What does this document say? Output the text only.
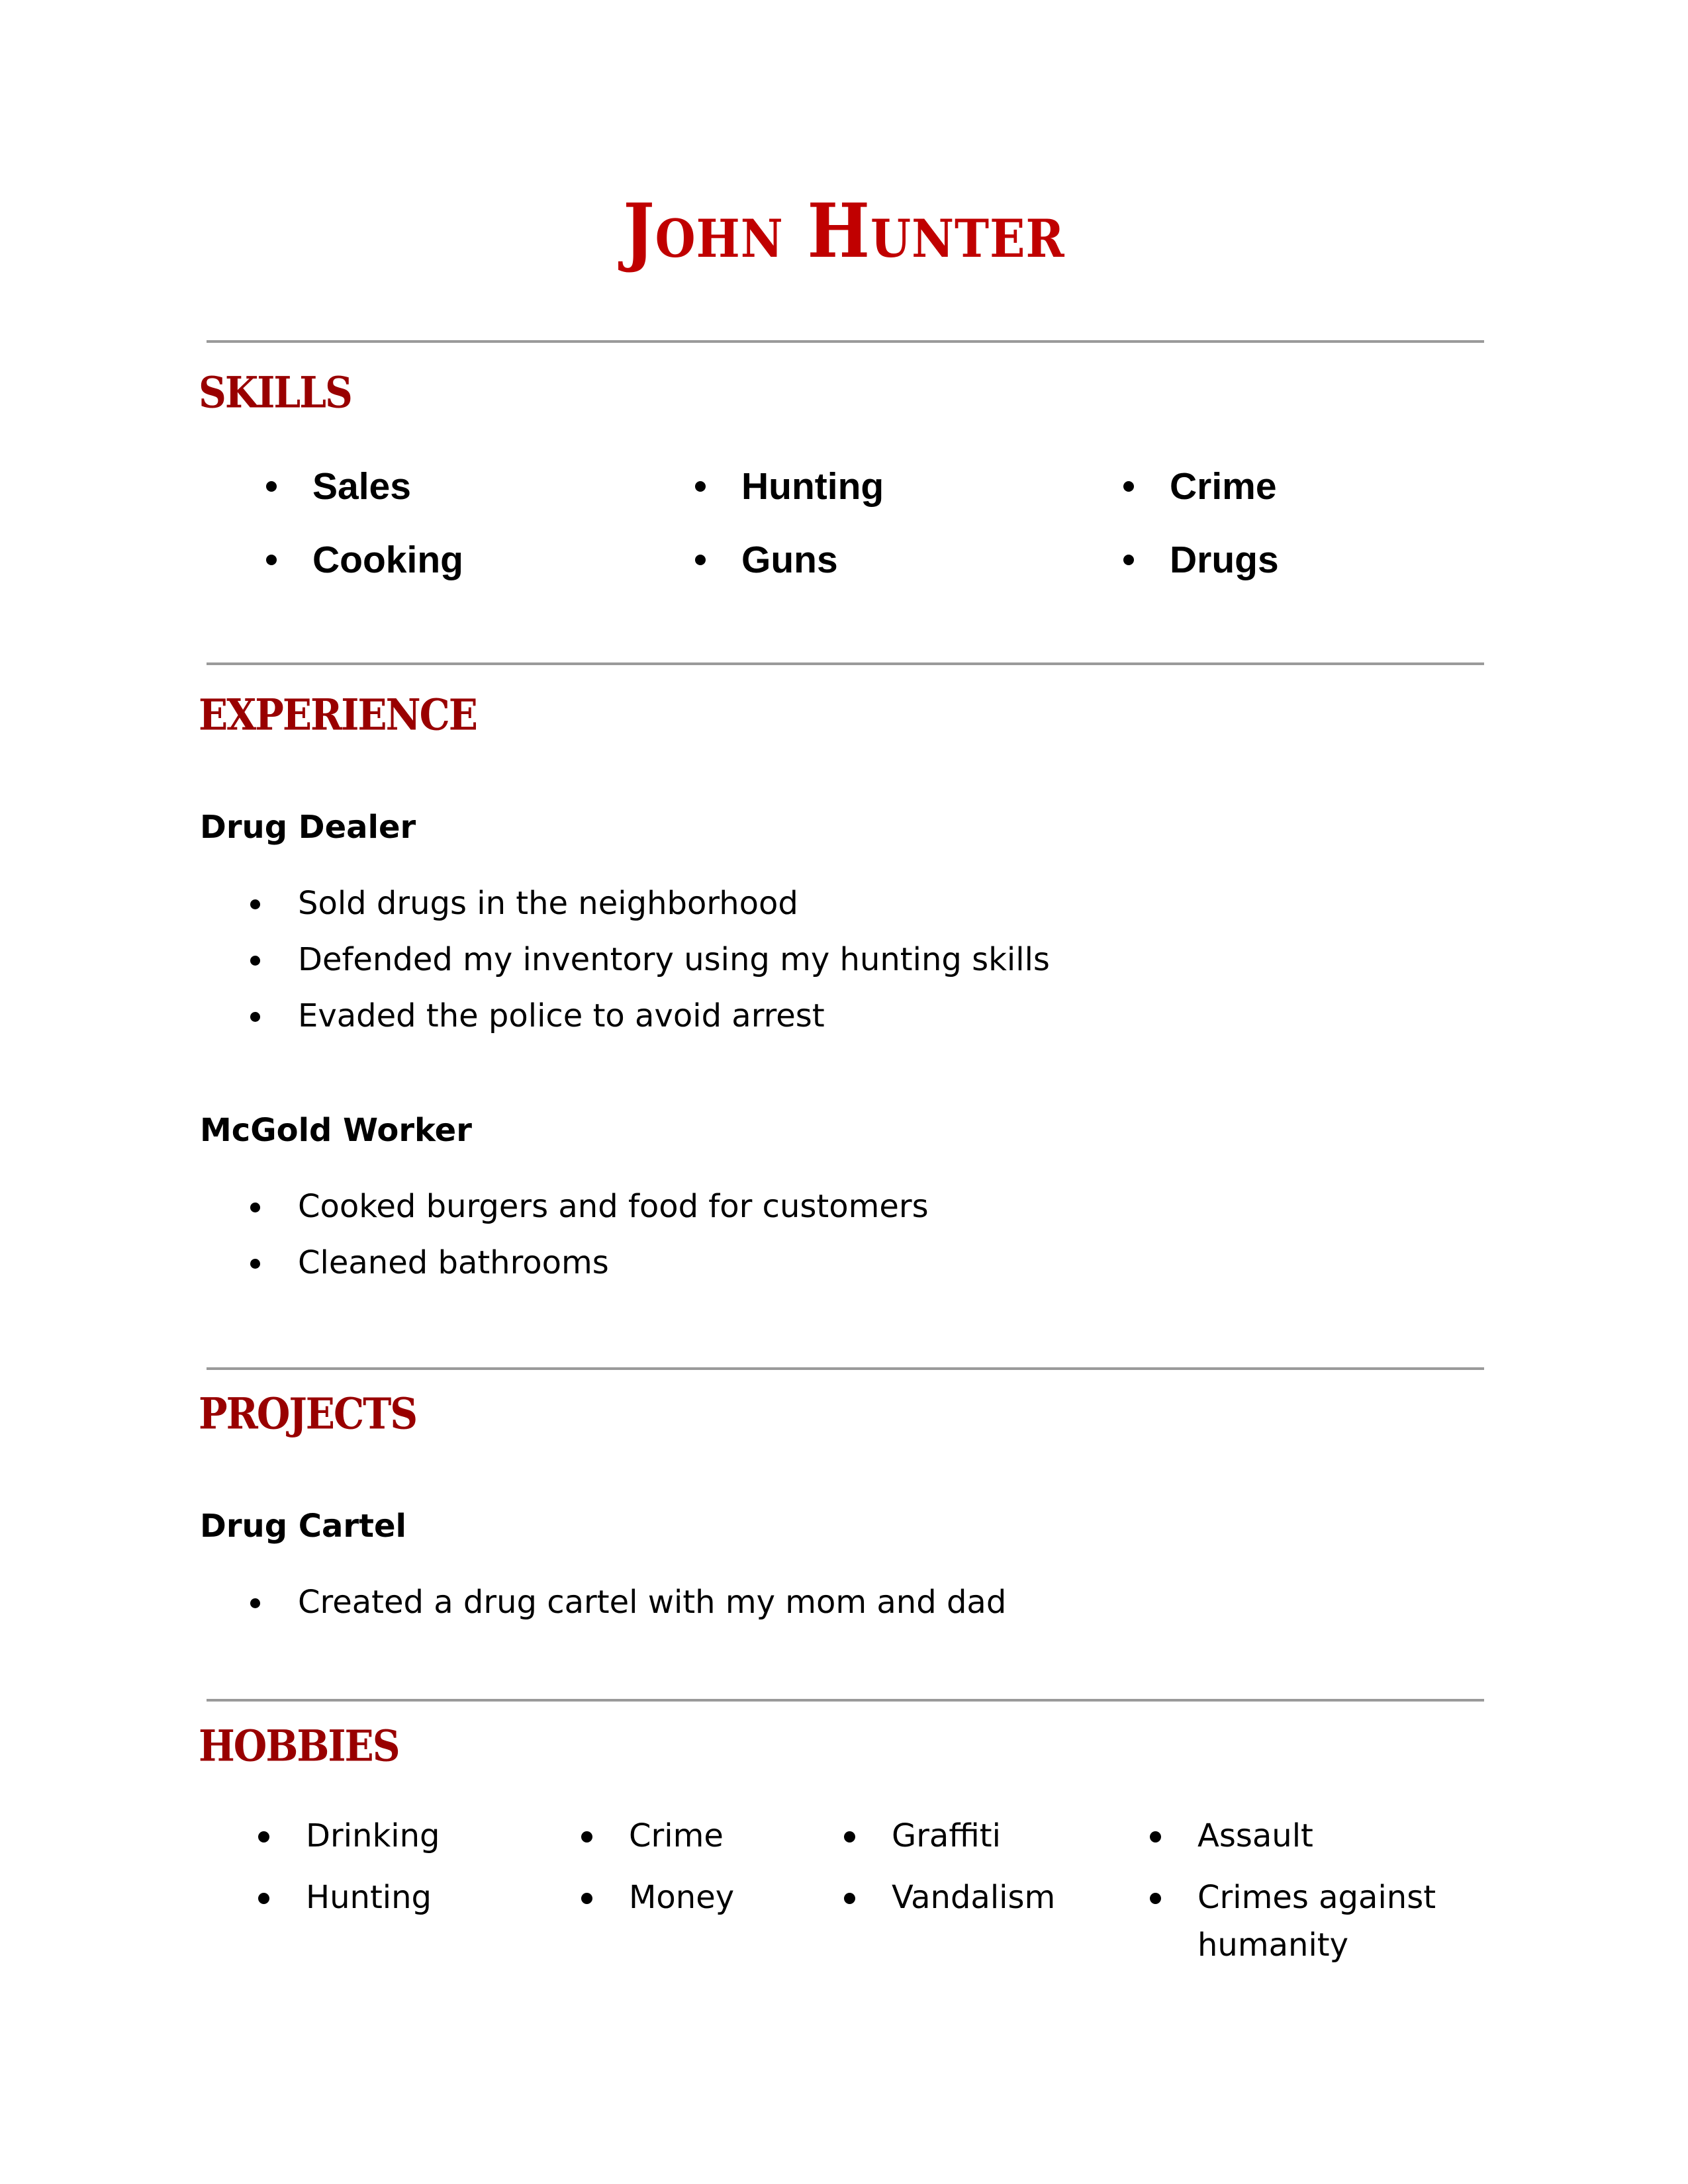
John Hunter
SKILLS
Sales
Cooking
Hunting
Guns
Crime
Drugs
EXPERIENCE
Drug Dealer
Sold drugs in the neighborhood
Defended my inventory using my hunting skills
Evaded the police to avoid arrest
McGold Worker
Cooked burgers and food for customers
Cleaned bathrooms
PROJECTS
Drug Cartel
Created a drug cartel with my mom and dad
HOBBIES
Drinking
Hunting
Crime
Money
Graffiti
Vandalism
Assault
Crimes against humanity
